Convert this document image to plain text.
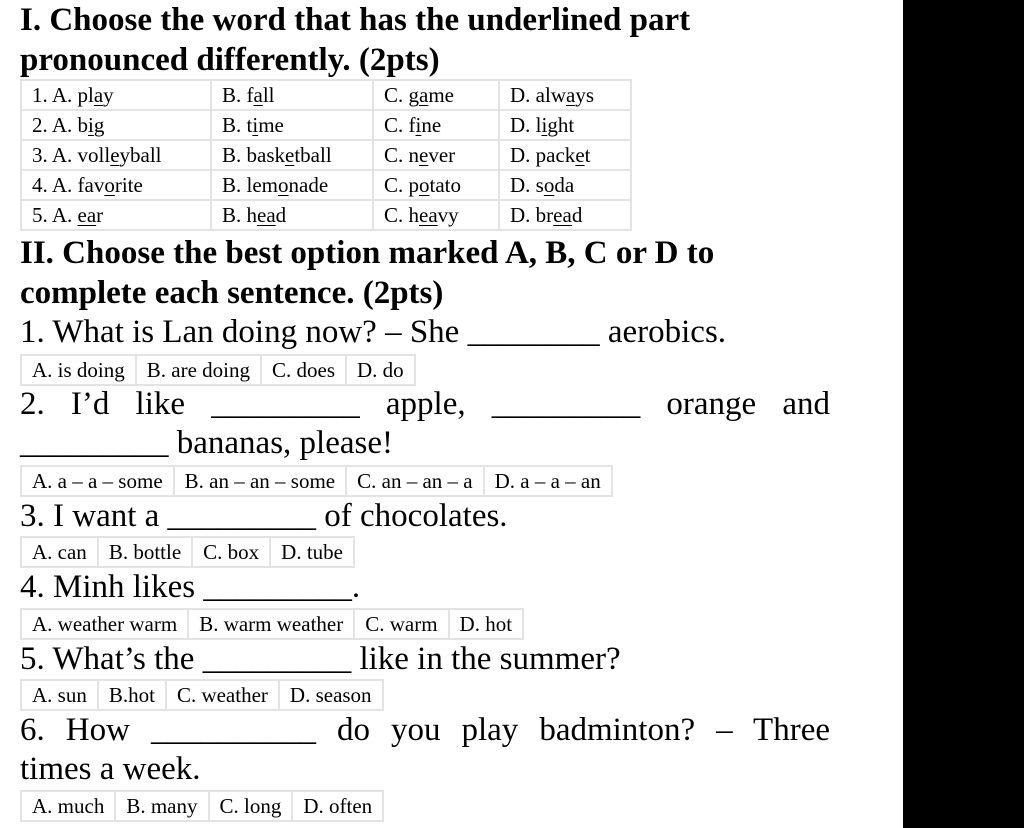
I. Choose the word that has the underlined part
pronounced differently. (2pts)
1. A. play	B. fall	C. game	D. always
2. A. big	B. time	C. fine	D. light
3. A. volleyball	B. basketball	C. never	D. packet
4. A. favorite	B. lemonade	C. potato	D. soda
5. A. ear	B. head	C. heavy	D. bread
II. Choose the best option marked A, B, C or D to
complete each sentence. (2pts)

1. What is Lan doing now? – She ________ aerobics.

A. is doing	B. are doing	C. does	D. do

2. I’d like _________ apple, _________ orange and

_________ bananas, please!

A. a – a – some	B. an – an – some	C. an – an – a	D. a – a – an

3. I want a _________ of chocolates.

A. can	B. bottle	C. box	D. tube

4. Minh likes _________.

A. weather warm	B. warm weather	C. warm	D. hot

5. What’s the _________ like in the summer?

A. sun	B.hot	C. weather	D. season

6. How __________ do you play badminton? – Three

times a week.

A. much	B. many	C. long	D. often
